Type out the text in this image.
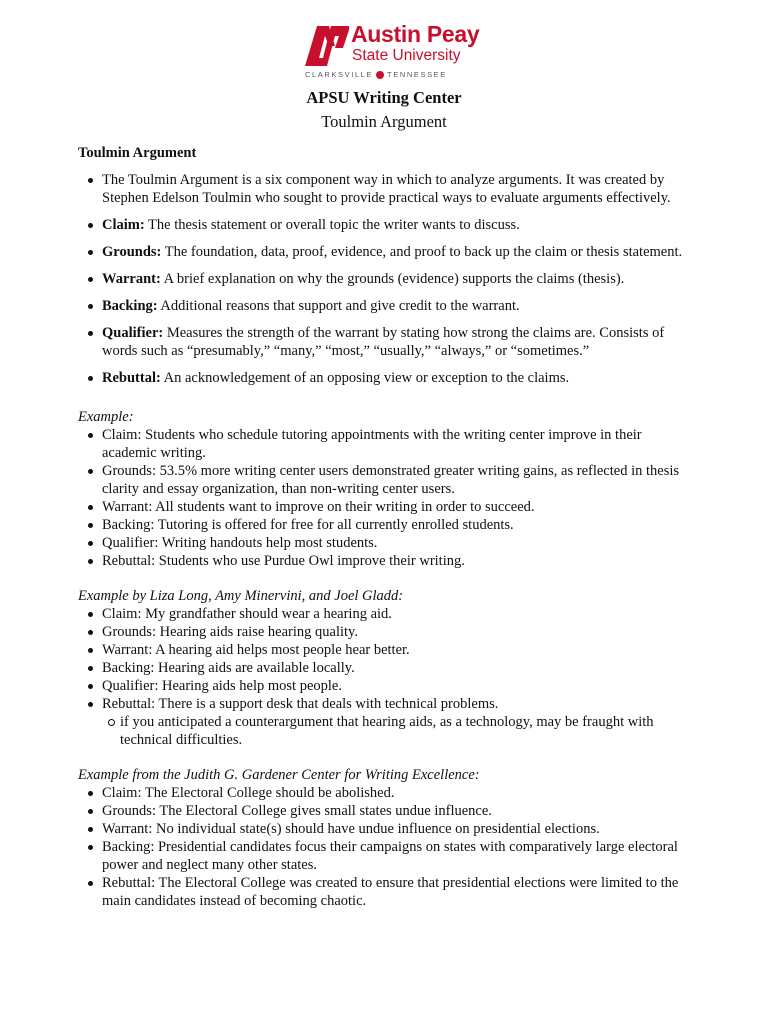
Austin Peay
State University
CLARKSVILLE TENNESSEE
APSU Writing Center
Toulmin Argument
Toulmin Argument
The Toulmin Argument is a six component way in which to analyze arguments. It was created by Stephen Edelson Toulmin who sought to provide practical ways to evaluate arguments effectively.
Claim: The thesis statement or overall topic the writer wants to discuss.
Grounds: The foundation, data, proof, evidence, and proof to back up the claim or thesis statement.
Warrant: A brief explanation on why the grounds (evidence) supports the claims (thesis).
Backing: Additional reasons that support and give credit to the warrant.
Qualifier: Measures the strength of the warrant by stating how strong the claims are. Consists of words such as “presumably,” “many,” “most,” “usually,” “always,” or “sometimes.”
Rebuttal: An acknowledgement of an opposing view or exception to the claims.
Example:
Claim: Students who schedule tutoring appointments with the writing center improve in their academic writing.
Grounds: 53.5% more writing center users demonstrated greater writing gains, as reflected in thesis clarity and essay organization, than non-writing center users.
Warrant: All students want to improve on their writing in order to succeed.
Backing: Tutoring is offered for free for all currently enrolled students.
Qualifier: Writing handouts help most students.
Rebuttal: Students who use Purdue Owl improve their writing.
Example by Liza Long, Amy Minervini, and Joel Gladd:
Claim: My grandfather should wear a hearing aid.
Grounds: Hearing aids raise hearing quality.
Warrant: A hearing aid helps most people hear better.
Backing: Hearing aids are available locally.
Qualifier: Hearing aids help most people.
Rebuttal: There is a support desk that deals with technical problems.
if you anticipated a counterargument that hearing aids, as a technology, may be fraught with technical difficulties.
Example from the Judith G. Gardener Center for Writing Excellence:
Claim: The Electoral College should be abolished.
Grounds: The Electoral College gives small states undue influence.
Warrant: No individual state(s) should have undue influence on presidential elections.
Backing: Presidential candidates focus their campaigns on states with comparatively large electoral power and neglect many other states.
Rebuttal: The Electoral College was created to ensure that presidential elections were limited to the main candidates instead of becoming chaotic.
